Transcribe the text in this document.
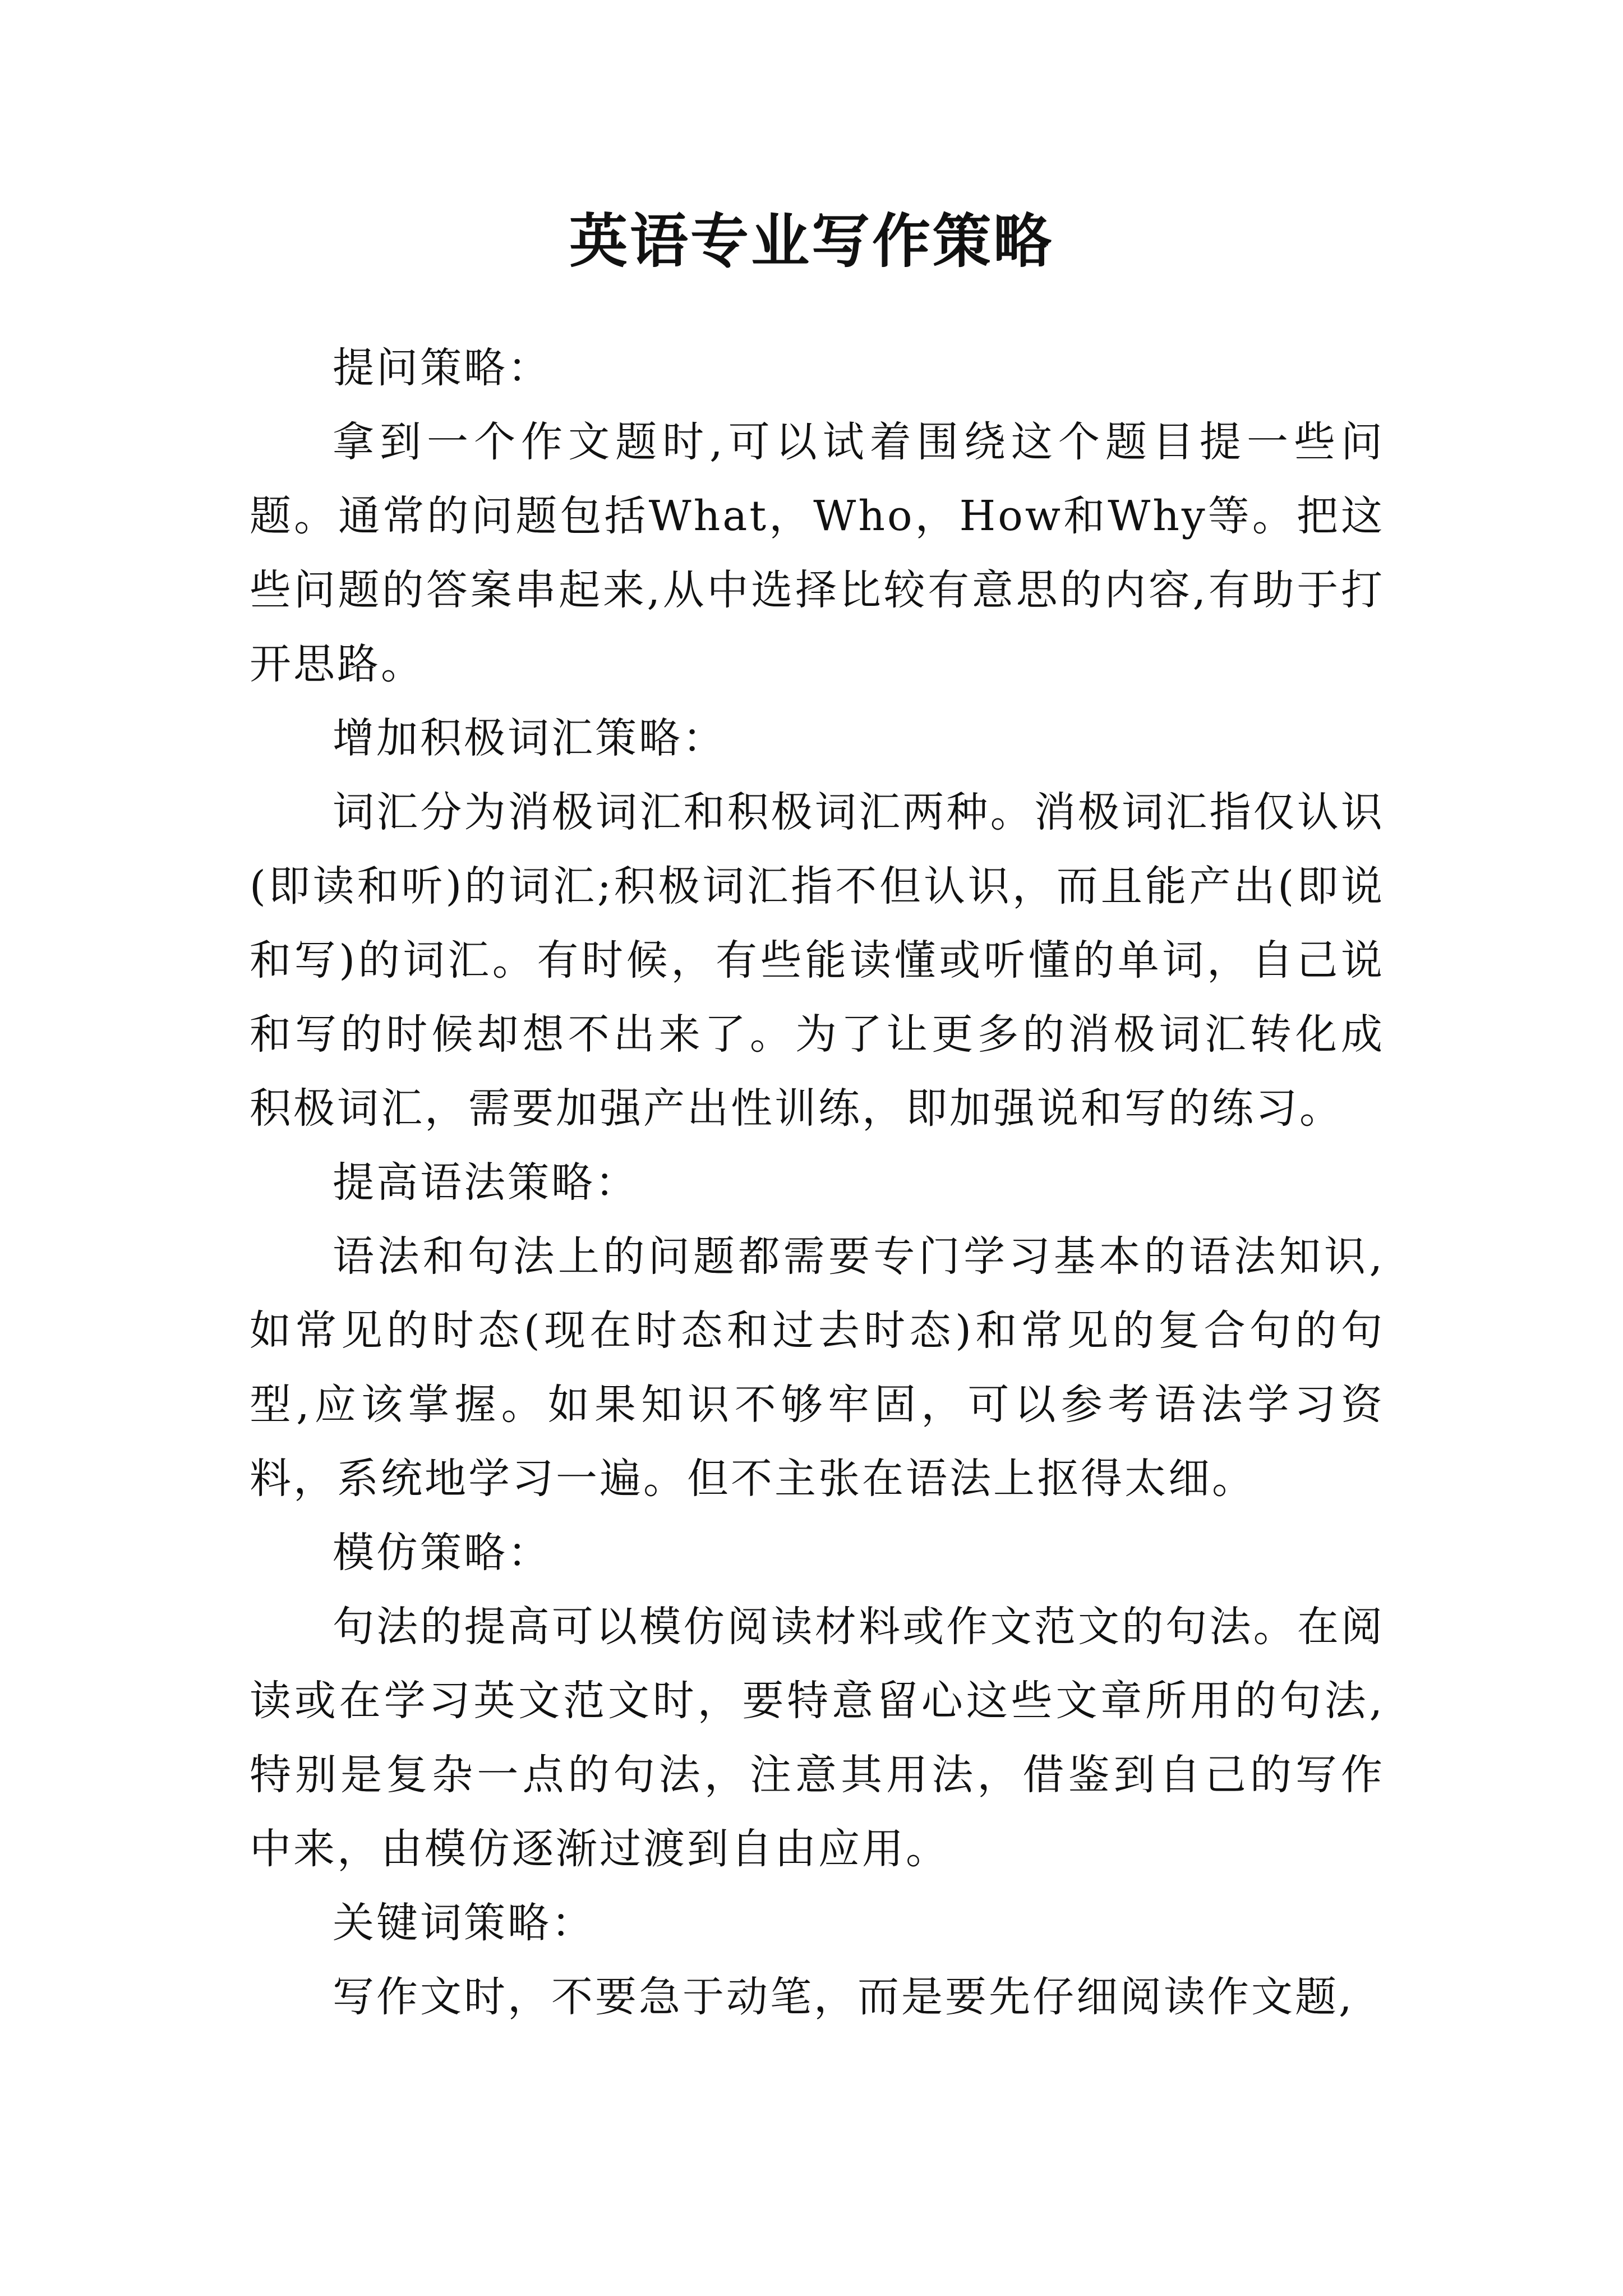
英语专业写作策略

提问策略：

拿到一个作文题时,可以试着围绕这个题目提一些问题。通常的问题包括What，Who，How和Why等。把这些问题的答案串起来,从中选择比较有意思的内容,有助于打开思路。

增加积极词汇策略：

词汇分为消极词汇和积极词汇两种。消极词汇指仅认识(即读和听)的词汇;积极词汇指不但认识，而且能产出(即说和写)的词汇。有时候，有些能读懂或听懂的单词，自己说和写的时候却想不出来了。为了让更多的消极词汇转化成积极词汇，需要加强产出性训练，即加强说和写的练习。

提高语法策略：

语法和句法上的问题都需要专门学习基本的语法知识,如常见的时态(现在时态和过去时态)和常见的复合句的句型,应该掌握。如果知识不够牢固，可以参考语法学习资料，系统地学习一遍。但不主张在语法上抠得太细。

模仿策略：

句法的提高可以模仿阅读材料或作文范文的句法。在阅读或在学习英文范文时，要特意留心这些文章所用的句法,特别是复杂一点的句法，注意其用法，借鉴到自己的写作中来，由模仿逐渐过渡到自由应用。

关键词策略：

写作文时，不要急于动笔，而是要先仔细阅读作文题,
